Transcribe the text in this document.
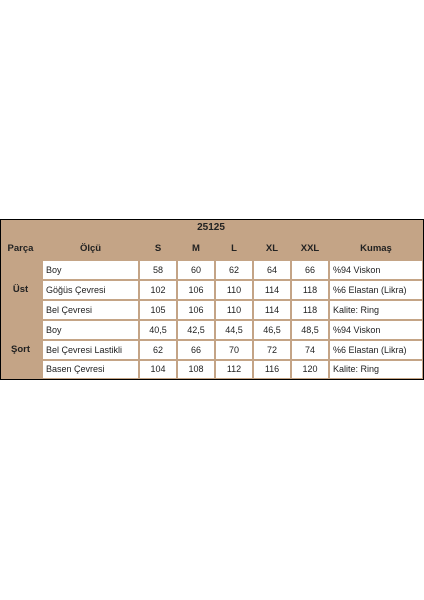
25125
Parça	Ölçü	S	M	L	XL	XXL	Kumaş
Üst
Boy	58	60	62	64	66	%94 Viskon
Göğüs Çevresi	102	106	110	114	118	%6 Elastan (Likra)
Bel Çevresi	105	106	110	114	118	Kalite: Ring
Şort
Boy	40,5	42,5	44,5	46,5	48,5	%94 Viskon
Bel Çevresi Lastikli	62	66	70	72	74	%6 Elastan (Likra)
Basen Çevresi	104	108	112	116	120	Kalite: Ring
